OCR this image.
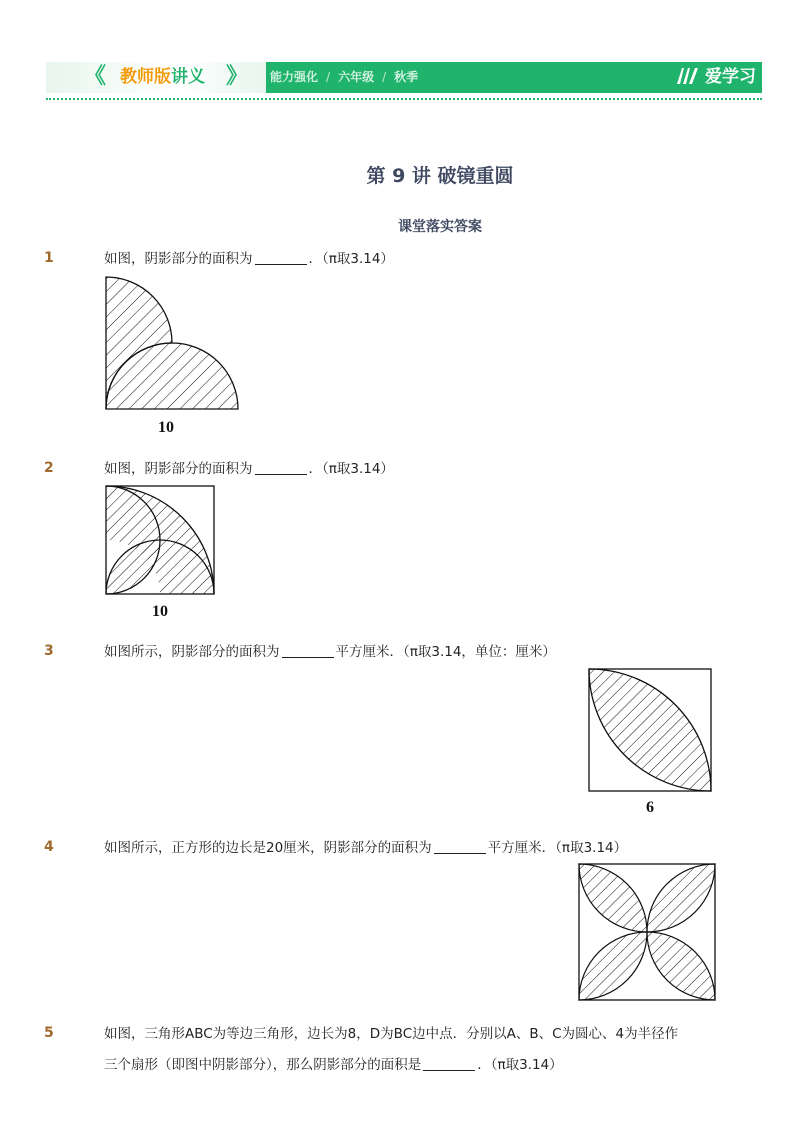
《 教师版讲义 》 能力强化 / 六年级 / 秋季	爱学习
第 9 讲 破镜重圆
课堂落实答案
1	如图，阴影部分的面积为	．（π取3.14）
10
2	如图，阴影部分的面积为	．（π取3.14）
10
3	如图所示，阴影部分的面积为	平方厘米．（π取3.14，单位：厘米）
6
4	如图所示，正方形的边长是20厘米，阴影部分的面积为	平方厘米．（π取3.14）
5	如图，三角形ABC为等边三角形，边长为8，D为BC边中点．分别以A、B、C为圆心、4为半径作
三个扇形（即图中阴影部分），那么阴影部分的面积是	．（π取3.14）
